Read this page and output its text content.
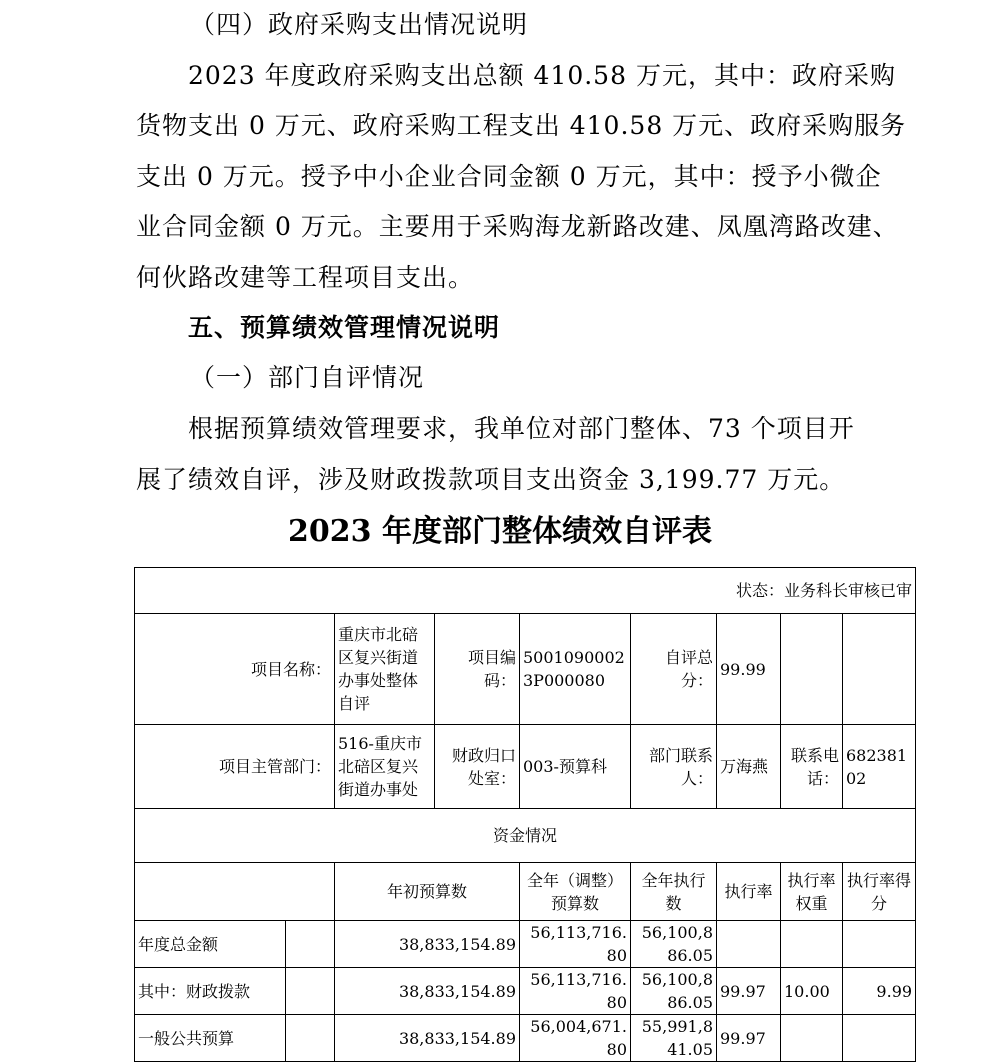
（四）政府采购支出情况说明

2023 年度政府采购支出总额 410.58 万元，其中：政府采购

货物支出 0 万元、政府采购工程支出 410.58 万元、政府采购服务

支出 0 万元。授予中小企业合同金额 0 万元，其中：授予小微企

业合同金额 0 万元。主要用于采购海龙新路改建、凤凰湾路改建、

何伙路改建等工程项目支出。

五、预算绩效管理情况说明

（一）部门自评情况

根据预算绩效管理要求，我单位对部门整体、73 个项目开

展了绩效自评，涉及财政拨款项目支出资金 3,199.77 万元。

2023 年度部门整体绩效自评表
状态：业务科长审核已审								
项目名称：		重庆市北碚区复兴街道办事处整体自评	项目编码：	50010900023P000080	自评总分：	99.99		
项目主管部门：		516-重庆市北碚区复兴街道办事处	财政归口处室：	003-预算科	部门联系人：	万海燕	联系电话：	68238102
资金情况								
		年初预算数		全年（调整）预算数	全年执行数	执行率	执行率权重	执行率得分
年度总金额		38,833,154.89		56,113,716.80	56,100,886.05			
其中：财政拨款		38,833,154.89		56,113,716.80	56,100,886.05	99.97	10.00	9.99
一般公共预算		38,833,154.89		56,004,671.80	55,991,841.05	99.97		
